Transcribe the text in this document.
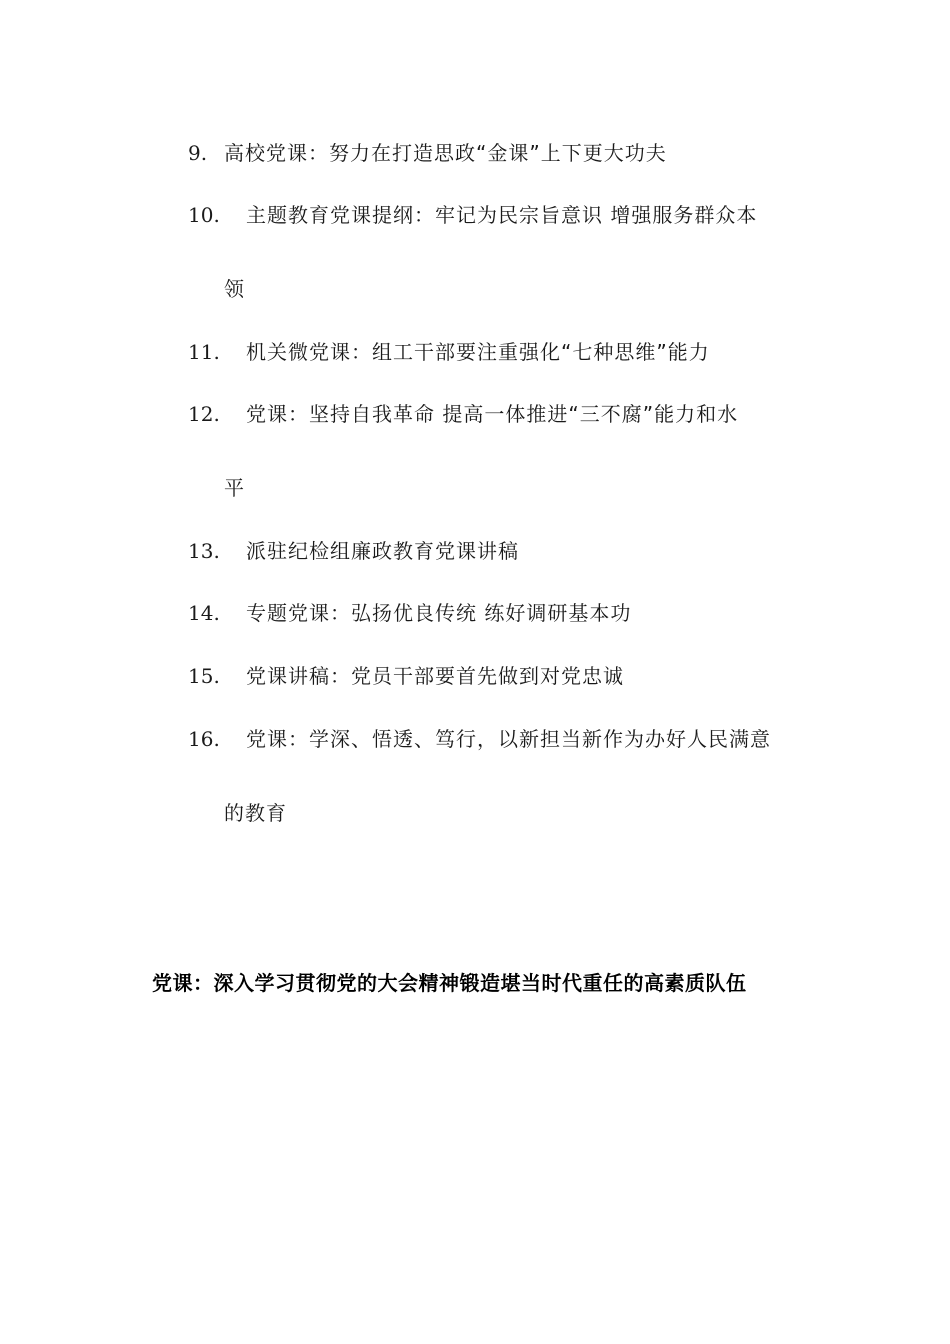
9. 高校党课：努力在打造思政“金课”上下更大功夫
10. 主题教育党课提纲：牢记为民宗旨意识 增强服务群众本
领
11. 机关微党课：组工干部要注重强化“七种思维”能力
12. 党课：坚持自我革命 提高一体推进“三不腐”能力和水
平
13. 派驻纪检组廉政教育党课讲稿
14. 专题党课：弘扬优良传统 练好调研基本功
15. 党课讲稿：党员干部要首先做到对党忠诚
16. 党课：学深、悟透、笃行，以新担当新作为办好人民满意
的教育
党课：深入学习贯彻党的大会精神锻造堪当时代重任的高素质队伍
